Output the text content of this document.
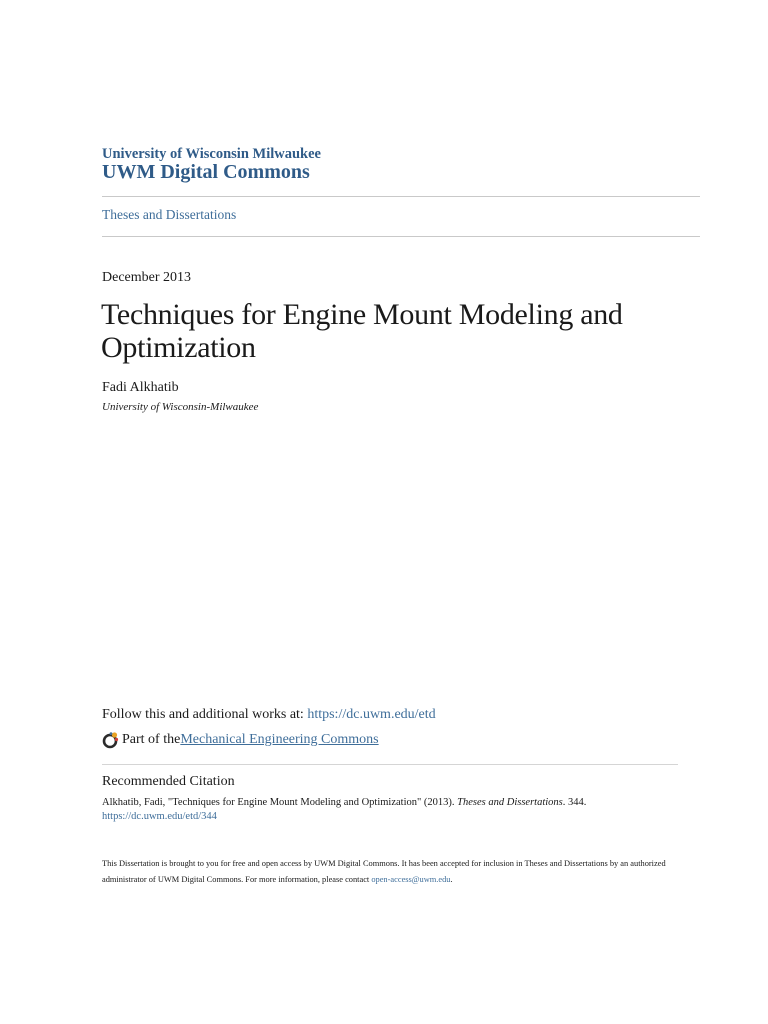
University of Wisconsin Milwaukee
UWM Digital Commons
Theses and Dissertations
December 2013
Techniques for Engine Mount Modeling and Optimization
Fadi Alkhatib
University of Wisconsin-Milwaukee
Follow this and additional works at: https://dc.uwm.edu/etd
Part of the Mechanical Engineering Commons
Recommended Citation
Alkhatib, Fadi, "Techniques for Engine Mount Modeling and Optimization" (2013). Theses and Dissertations. 344.
https://dc.uwm.edu/etd/344
This Dissertation is brought to you for free and open access by UWM Digital Commons. It has been accepted for inclusion in Theses and Dissertations by an authorized administrator of UWM Digital Commons. For more information, please contact open-access@uwm.edu.
